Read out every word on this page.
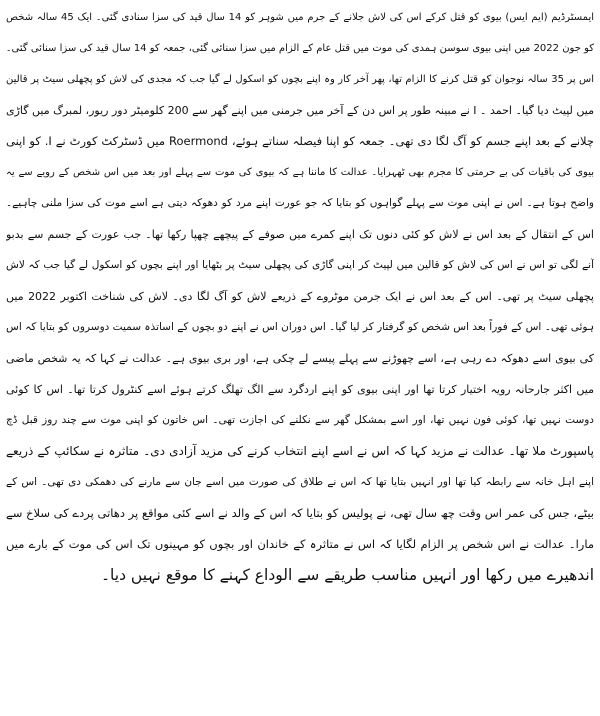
ایمسٹرڈیم (ایم ایس) بیوی کو قتل کرکے اس کی لاش جلانے کے جرم میں شوہر کو 14 سال قید کی سزا سنادی گئی۔ ایک 45 سالہ شخص
کو جون 2022 میں اپنی بیوی سوسن ہمدی کی موت میں قتل عام کے الزام میں سزا سنائی گئی، جمعہ کو 14 سال قید کی سزا سنائی گئی۔
اس پر 35 سالہ نوجوان کو قتل کرنے کا الزام تھا، پھر آخر کار وہ اپنے بچوں کو اسکول لے گیا جب کہ مجدی کی لاش کو پچھلی سیٹ پر قالین
میں لپیٹ دیا گیا۔ احمد ۔ I نے مبینہ طور پر اس دن کے آخر میں جرمنی میں اپنے گھر سے 200 کلومیٹر دور ریور، لمبرگ میں گاڑی
چلانے کے بعد اپنے جسم کو آگ لگا دی تھی۔ جمعہ کو اپنا فیصلہ سناتے ہوئے، Roermond میں ڈسٹرکٹ کورٹ نے I. کو اپنی
بیوی کی باقیات کی بے حرمتی کا مجرم بھی ٹھہرایا۔ عدالت کا ماننا ہے کہ بیوی کی موت سے پہلے اور بعد میں اس شخص کے رویے سے یہ
واضح ہوتا ہے۔ اس نے اپنی موت سے پہلے گواہوں کو بتایا کہ جو عورت اپنے مرد کو دھوکہ دیتی ہے اسے موت کی سزا ملنی چاہیے۔
اس کے انتقال کے بعد اس نے لاش کو کئی دنوں تک اپنے کمرے میں صوفے کے پیچھے چھپا رکھا تھا۔ جب عورت کے جسم سے بدبو
آنے لگی تو اس نے اس کی لاش کو قالین میں لپیٹ کر اپنی گاڑی کی پچھلی سیٹ پر بٹھایا اور اپنے بچوں کو اسکول لے گیا جب کہ لاش
پچھلی سیٹ پر تھی۔ اس کے بعد اس نے ایک جرمن موٹروے کے ذریعے لاش کو آگ لگا دی۔ لاش کی شناخت اکتوبر 2022 میں
ہوئی تھی۔ اس کے فوراً بعد اس شخص کو گرفتار کر لیا گیا۔ اس دوران اس نے اپنے دو بچوں کے اساتذہ سمیت دوسروں کو بتایا کہ اس
کی بیوی اسے دھوکہ دے رہی ہے، اسے چھوڑنے سے پہلے پیسے لے چکی ہے، اور بری بیوی ہے۔ عدالت نے کہا کہ یہ شخص ماضی
میں اکثر جارحانہ رویہ اختیار کرتا تھا اور اپنی بیوی کو اپنے اردگرد سے الگ تھلگ کرتے ہوئے اسے کنٹرول کرتا تھا۔ اس کا کوئی
دوست نہیں تھا، کوئی فون نہیں تھا، اور اسے بمشکل گھر سے نکلنے کی اجازت تھی۔ اس خاتون کو اپنی موت سے چند روز قبل ڈچ
پاسپورٹ ملا تھا۔ عدالت نے مزید کہا کہ اس نے اسے اپنے انتخاب کرنے کی مزید آزادی دی۔ متاثرہ نے سکائپ کے ذریعے
اپنے اہل خانہ سے رابطہ کیا تھا اور انہیں بتایا تھا کہ اس نے طلاق کی صورت میں اسے جان سے مارنے کی دھمکی دی تھی۔ اس کے
بیٹے، جس کی عمر اس وقت چھ سال تھی، نے پولیس کو بتایا کہ اس کے والد نے اسے کئی مواقع پر دھاتی پردے کی سلاخ سے
مارا۔ عدالت نے اس شخص پر الزام لگایا کہ اس نے متاثرہ کے خاندان اور بچوں کو مہینوں تک اس کی موت کے بارے میں
اندھیرے میں رکھا اور انہیں مناسب طریقے سے الوداع کہنے کا موقع نہیں دیا۔
